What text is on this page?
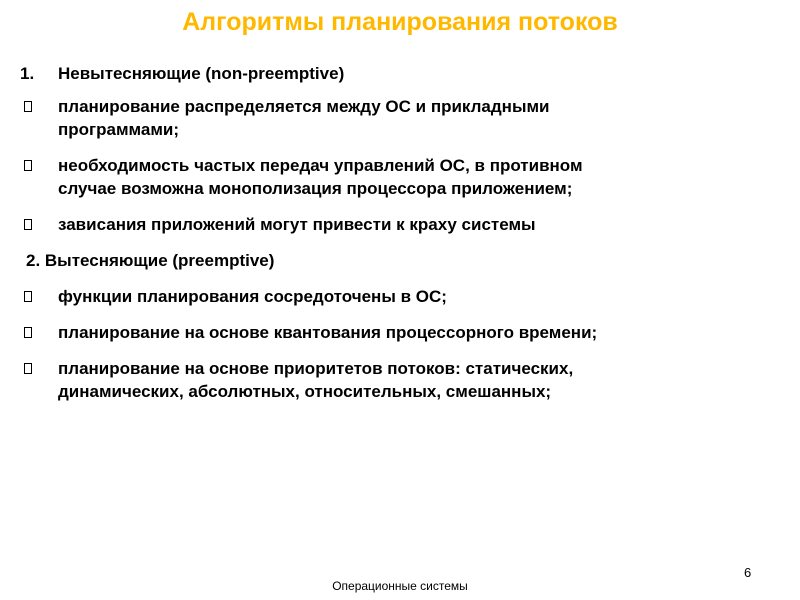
Алгоритмы планирования потоков
1. Невытесняющие (non-preemptive)
планирование распределяется между ОС и прикладными
программами;
необходимость частых передач управлений ОС, в противном
случае возможна монополизация процессора приложением;
зависания приложений могут привести к краху системы
2. Вытесняющие (preemptive)
функции планирования сосредоточены в ОС;
планирование на основе квантования процессорного времени;
планирование на основе приоритетов потоков: статических,
динамических, абсолютных, относительных, смешанных;
Операционные системы
6
